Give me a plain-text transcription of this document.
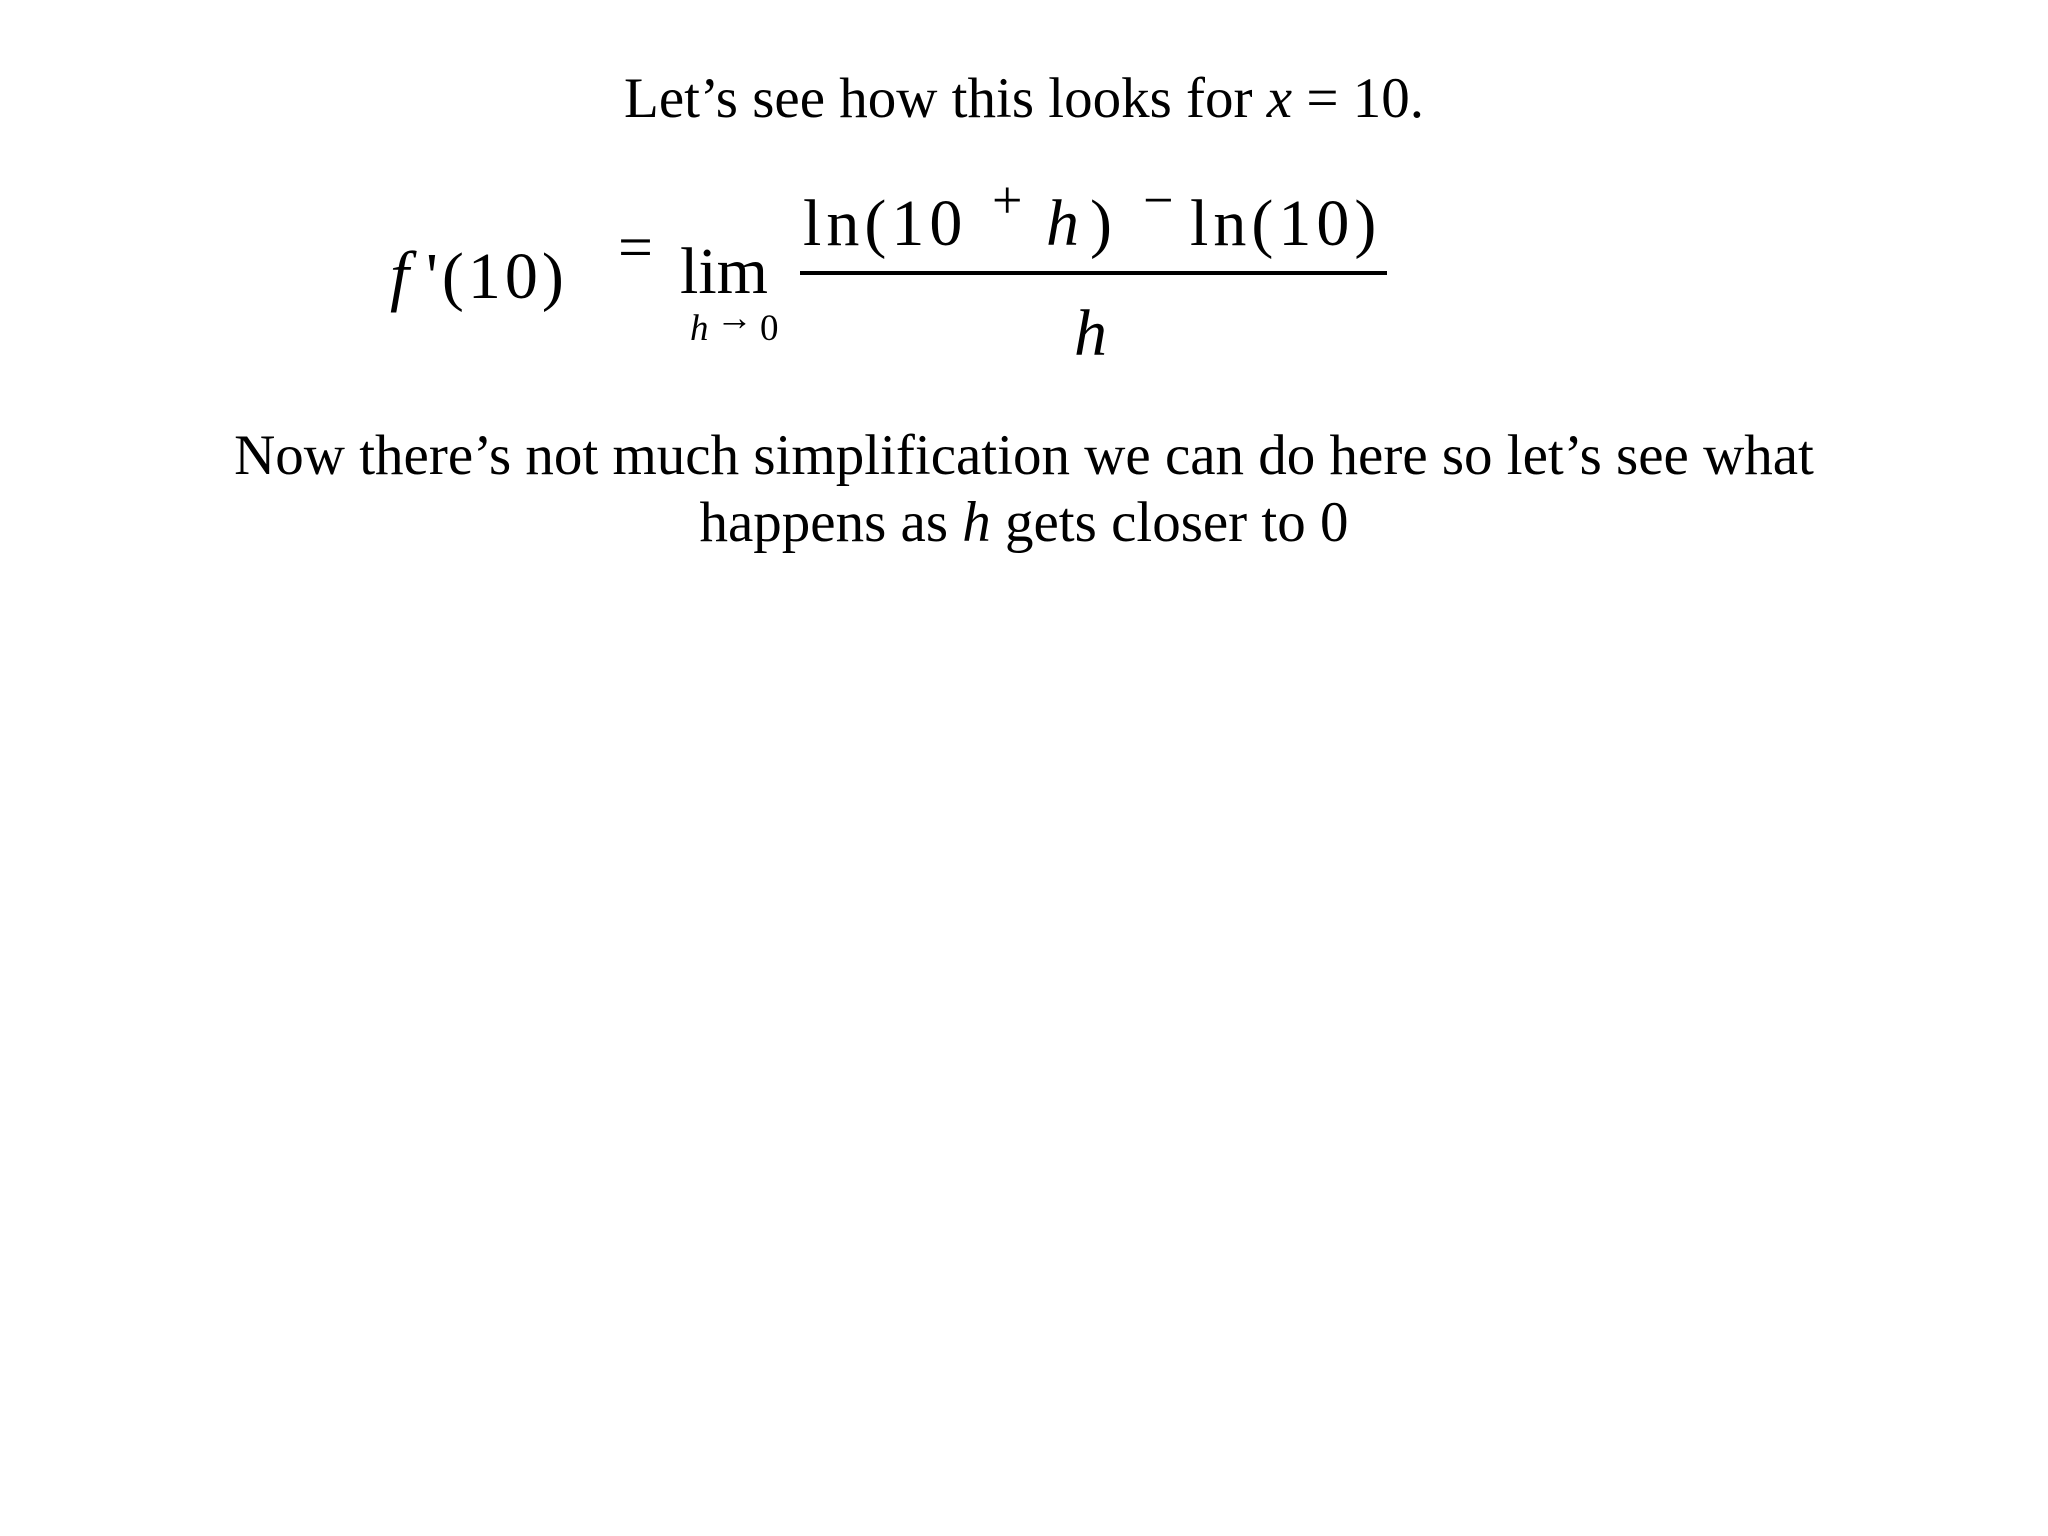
Let’s see how this looks for x = 10.
f '(10) = lim
h → 0
ln(10 + h ) − ln(10)
h
Now there’s not much simplification we can do here so let’s see what
happens as h gets closer to 0
